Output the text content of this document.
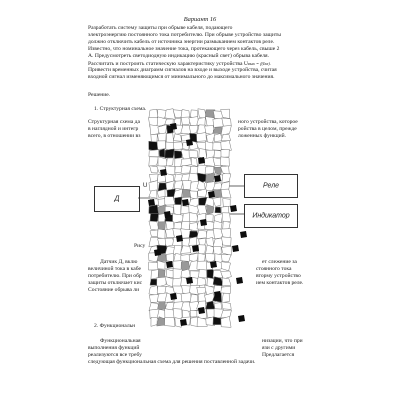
Вариант 16
Разработать систему защиты при обрыве кабеля, подающего
электроэнергию постоянного тока потребителю. При обрыве устройство защиты
должно отключить кабель от источника энергии размыканием контактов реле.
Известно, что номинальное значение тока, протекающего через кабель, свыше 2
А. Предусмотреть светодиодную индикацию (красный свет) обрыва кабеля.
Рассчитать и построить статическую характеристику устройства Uвых = f(Iвх).
Привести временных диаграмм сигналов на входе и выходе устройства, считая
входной сигнал изменяющимся от минимального до максимального значения.
Решение.
1. Структурная схема.
Структурная схема да
в наглядной и интегр
всего, в отношении вз
ного устройства, которое
ройства в целом, прежде
ложенных функций.
Д
U	Реле
Индикатор
Рису
Датчик Д, вклю
величиной тока в кабе
потребителю. При обр
защиты отключает кис
Состояние обрыва ли
ет слежение за
стоянного тока
вторму устройство
ием контактов реле.
2. Функциональн
Функциональная
выполнения функций
реализуются все требу
следующая функциональная схема для решения поставленной задачи.
низации, что при
язи с другими
Предлагается
